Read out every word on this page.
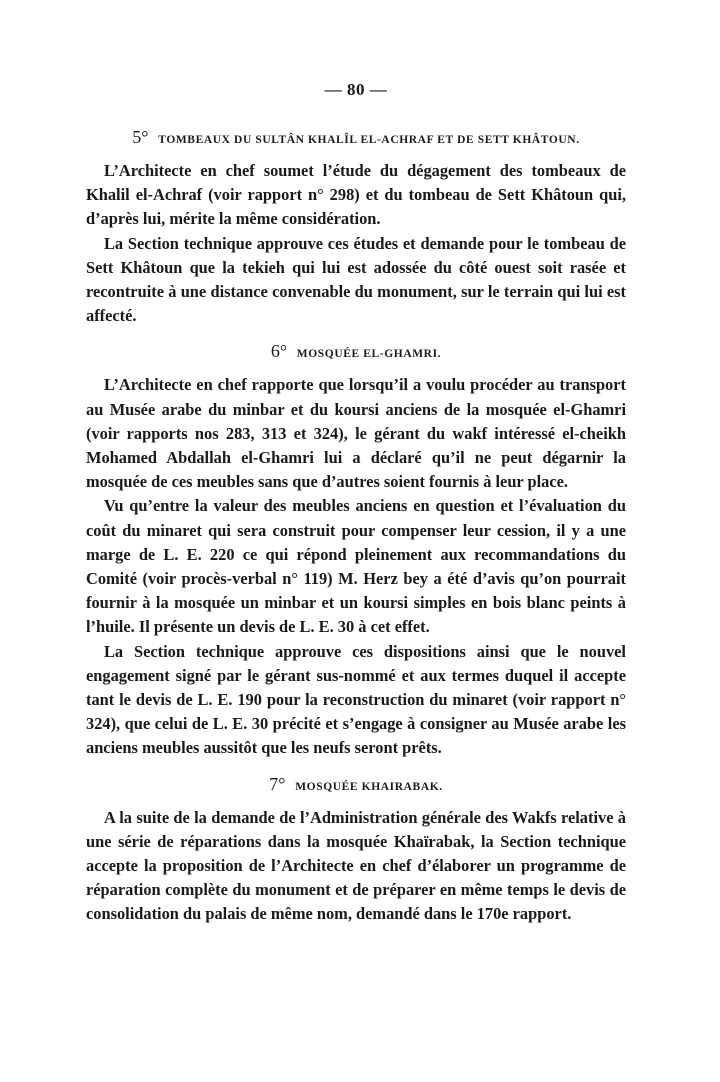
— 80 —
5° TOMBEAUX DU SULTÂN KHALÎL EL-ACHRAF ET DE SETT KHÂTOUN.

L’Architecte en chef soumet l’étude du dégagement des tombeaux de Khalil el-Achraf (voir rapport n° 298) et du tombeau de Sett Khâtoun qui, d’après lui, mérite la même considération.

La Section technique approuve ces études et demande pour le tombeau de Sett Khâtoun que la tekieh qui lui est adossée du côté ouest soit rasée et recontruite à une distance convenable du monument, sur le terrain qui lui est affecté.

6° MOSQUÉE EL-GHAMRI.

L’Architecte en chef rapporte que lorsqu’il a voulu procéder au transport au Musée arabe du minbar et du koursi anciens de la mosquée el-Ghamri (voir rapports nos 283, 313 et 324), le gérant du wakf intéressé el-cheikh Mohamed Abdallah el-Ghamri lui a déclaré qu’il ne peut dégarnir la mosquée de ces meubles sans que d’autres soient fournis à leur place.

Vu qu’entre la valeur des meubles anciens en question et l’évaluation du coût du minaret qui sera construit pour compenser leur cession, il y a une marge de L. E. 220 ce qui répond pleinement aux recommandations du Comité (voir procès-verbal n° 119) M. Herz bey a été d’avis qu’on pourrait fournir à la mosquée un minbar et un koursi simples en bois blanc peints à l’huile. Il présente un devis de L. E. 30 à cet effet.

La Section technique approuve ces dispositions ainsi que le nouvel engagement signé par le gérant sus-nommé et aux termes duquel il accepte tant le devis de L. E. 190 pour la reconstruction du minaret (voir rapport n° 324), que celui de L. E. 30 précité et s’engage à consigner au Musée arabe les anciens meubles aussitôt que les neufs seront prêts.

7° MOSQUÉE KHAIRABAK.

A la suite de la demande de l’Administration générale des Wakfs relative à une série de réparations dans la mosquée Khaïrabak, la Section technique accepte la proposition de l’Architecte en chef d’élaborer un programme de réparation complète du monument et de préparer en même temps le devis de consolidation du palais de même nom, demandé dans le 170e rapport.
